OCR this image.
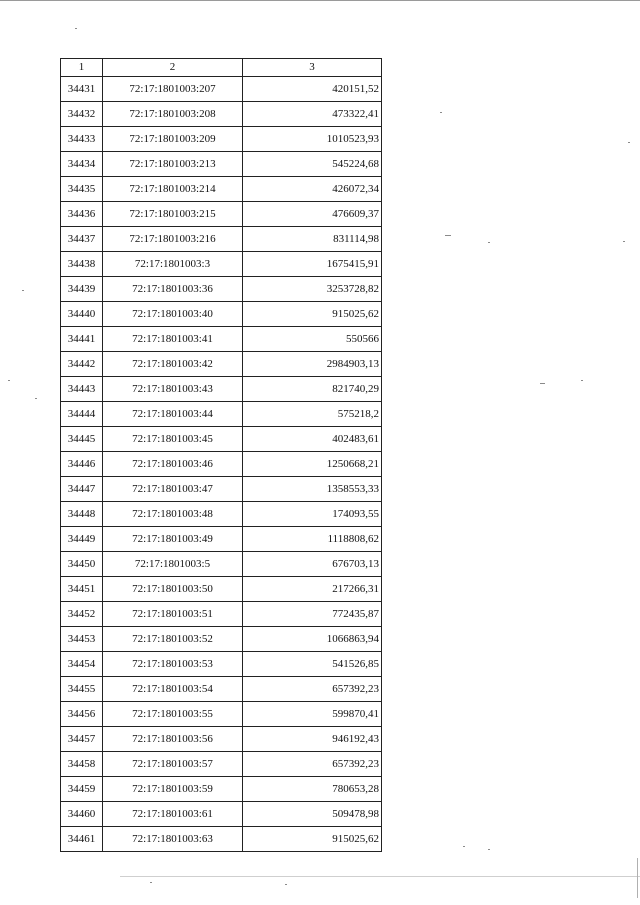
1	2	3
34431	72:17:1801003:207	420151,52
34432	72:17:1801003:208	473322,41
34433	72:17:1801003:209	1010523,93
34434	72:17:1801003:213	545224,68
34435	72:17:1801003:214	426072,34
34436	72:17:1801003:215	476609,37
34437	72:17:1801003:216	831114,98
34438	72:17:1801003:3	1675415,91
34439	72:17:1801003:36	3253728,82
34440	72:17:1801003:40	915025,62
34441	72:17:1801003:41	550566
34442	72:17:1801003:42	2984903,13
34443	72:17:1801003:43	821740,29
34444	72:17:1801003:44	575218,2
34445	72:17:1801003:45	402483,61
34446	72:17:1801003:46	1250668,21
34447	72:17:1801003:47	1358553,33
34448	72:17:1801003:48	174093,55
34449	72:17:1801003:49	1118808,62
34450	72:17:1801003:5	676703,13
34451	72:17:1801003:50	217266,31
34452	72:17:1801003:51	772435,87
34453	72:17:1801003:52	1066863,94
34454	72:17:1801003:53	541526,85
34455	72:17:1801003:54	657392,23
34456	72:17:1801003:55	599870,41
34457	72:17:1801003:56	946192,43
34458	72:17:1801003:57	657392,23
34459	72:17:1801003:59	780653,28
34460	72:17:1801003:61	509478,98
34461	72:17:1801003:63	915025,62
